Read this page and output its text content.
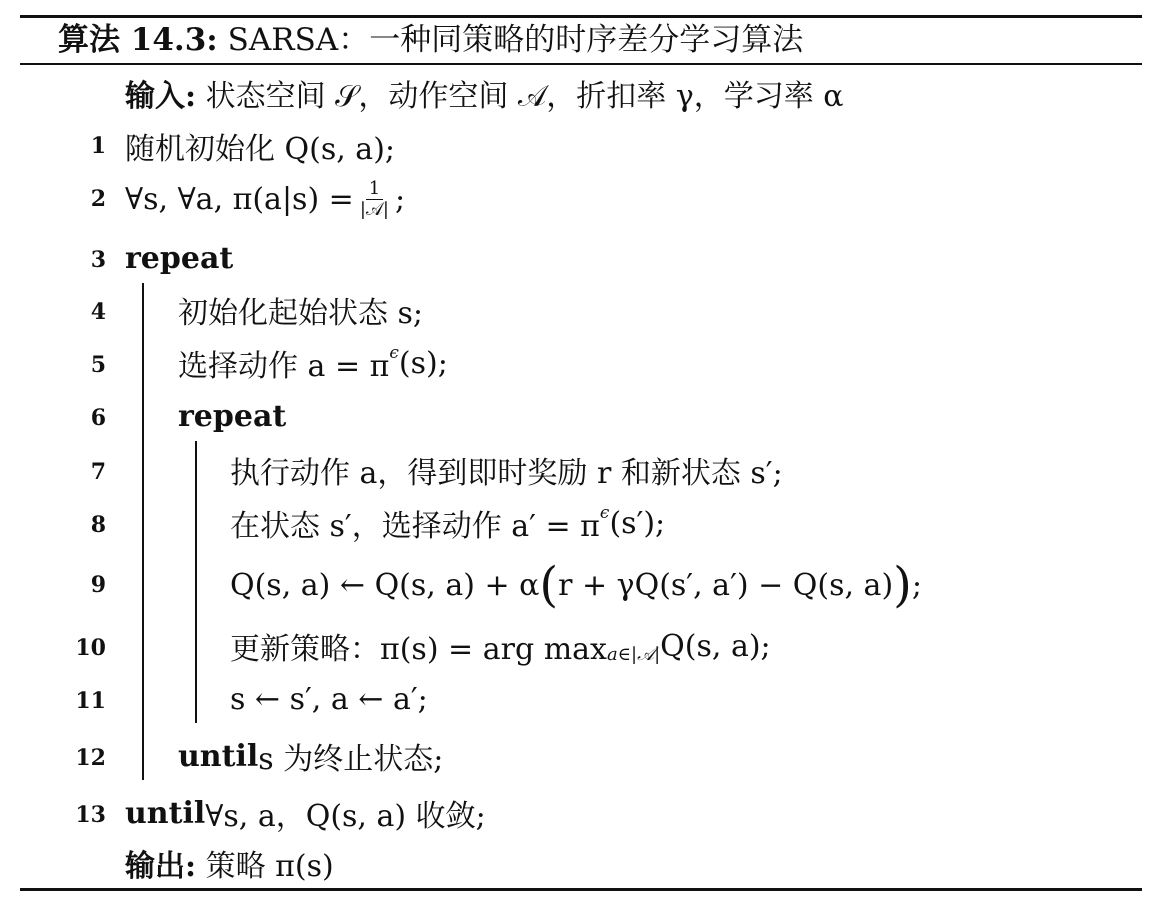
算法 14.3: SARSA：一种同策略的时序差分学习算法
输入:
状态空间 𝒮，动作空间 𝒜，折扣率 γ，学习率 α
1 随机初始化 Q(s, a);
2 ∀s, ∀a, $\pi(a|s) = \frac{1}{\text{|𝒜|}}$ ;
3 repeat
4 初始化起始状态 s;
5 选择动作 a = π ϵ (s);
6 repeat
7	执行动作 a，得到即时奖励 r 和新状态 s′;
8	在状态 s′，选择动作 a′ = π ϵ (s′);
9	Q(s, a) ← Q(s, a) + α ( r + γQ(s′, a′) − Q(s, a) ) ;
10	更新策略：π(s) = arg max a∈|𝒜| Q(s, a);
11	s ← s′, a ← a′;
12 until s 为终止状态;
13 until ∀s, a，Q(s, a) 收敛;
输出:
策略 π(s)
